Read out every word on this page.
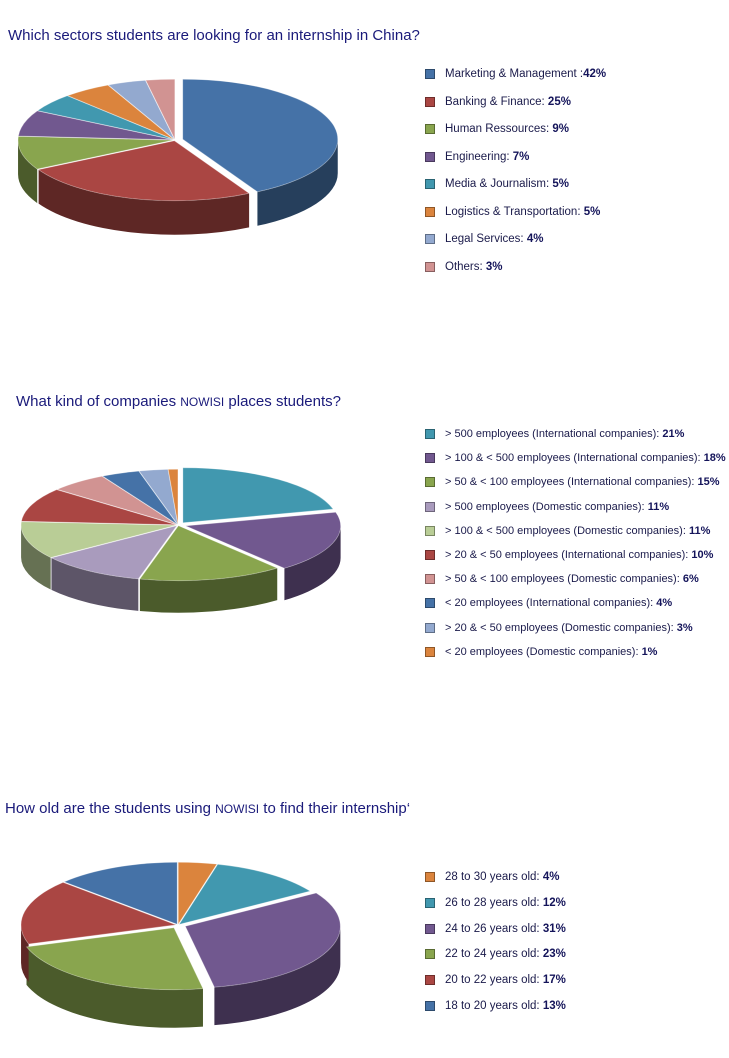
Which sectors students are looking for an internship in China?
Marketing & Management :42%
Banking & Finance: 25%
Human Ressources: 9%
Engineering: 7%
Media & Journalism: 5%
Logistics & Transportation: 5%
Legal Services: 4%
Others: 3%
What kind of companies NOWISI places students?
> 500 employees (International companies): 21%
> 100 & < 500 employees (International companies): 18%
> 50 & < 100 employees (International companies): 15%
> 500 employees (Domestic companies): 11%
> 100 & < 500 employees (Domestic companies): 11%
> 20 & < 50 employees (International companies): 10%
> 50 & < 100 employees (Domestic companies): 6%
< 20 employees (International companies): 4%
> 20 & < 50 employees (Domestic companies): 3%
< 20 employees (Domestic companies): 1%
How old are the students using NOWISI to find their internship‘
28 to 30 years old: 4%
26 to 28 years old: 12%
24 to 26 years old: 31%
22 to 24 years old: 23%
20 to 22 years old: 17%
18 to 20 years old: 13%
